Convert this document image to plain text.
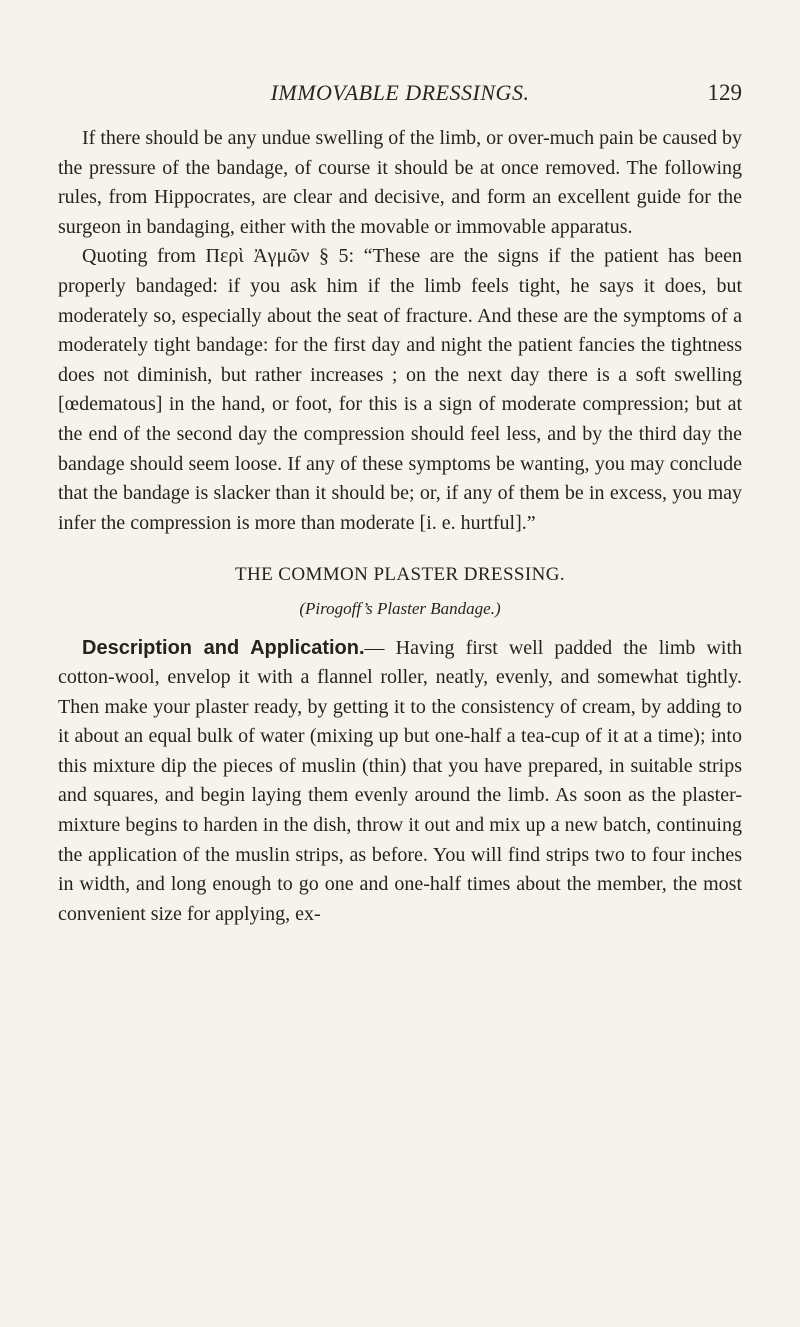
IMMOVABLE DRESSINGS.	129

If there should be any undue swelling of the limb, or over-much pain be caused by the pressure of the bandage, of course it should be at once removed. The following rules, from Hippocrates, are clear and decisive, and form an excellent guide for the surgeon in bandaging, either with the movable or immovable apparatus.

Quoting from Περὶ Ἀγμῶν § 5: “These are the signs if the patient has been properly bandaged: if you ask him if the limb feels tight, he says it does, but moderately so, especially about the seat of fracture. And these are the symptoms of a moderately tight bandage: for the first day and night the patient fancies the tightness does not diminish, but rather increases ; on the next day there is a soft swelling [œdematous] in the hand, or foot, for this is a sign of moderate compression; but at the end of the second day the compression should feel less, and by the third day the bandage should seem loose. If any of these symptoms be wanting, you may conclude that the bandage is slacker than it should be; or, if any of them be in excess, you may infer the compression is more than moderate [i. e. hurtful].”

THE COMMON PLASTER DRESSING.
(Pirogoff’s Plaster Bandage.)

Description and Application.— Having first well padded the limb with cotton-wool, envelop it with a flannel roller, neatly, evenly, and somewhat tightly. Then make your plaster ready, by getting it to the consistency of cream, by adding to it about an equal bulk of water (mixing up but one-half a tea-cup of it at a time); into this mixture dip the pieces of muslin (thin) that you have prepared, in suitable strips and squares, and begin laying them evenly around the limb. As soon as the plaster-mixture begins to harden in the dish, throw it out and mix up a new batch, continuing the application of the muslin strips, as before. You will find strips two to four inches in width, and long enough to go one and one-half times about the member, the most convenient size for applying, ex-
